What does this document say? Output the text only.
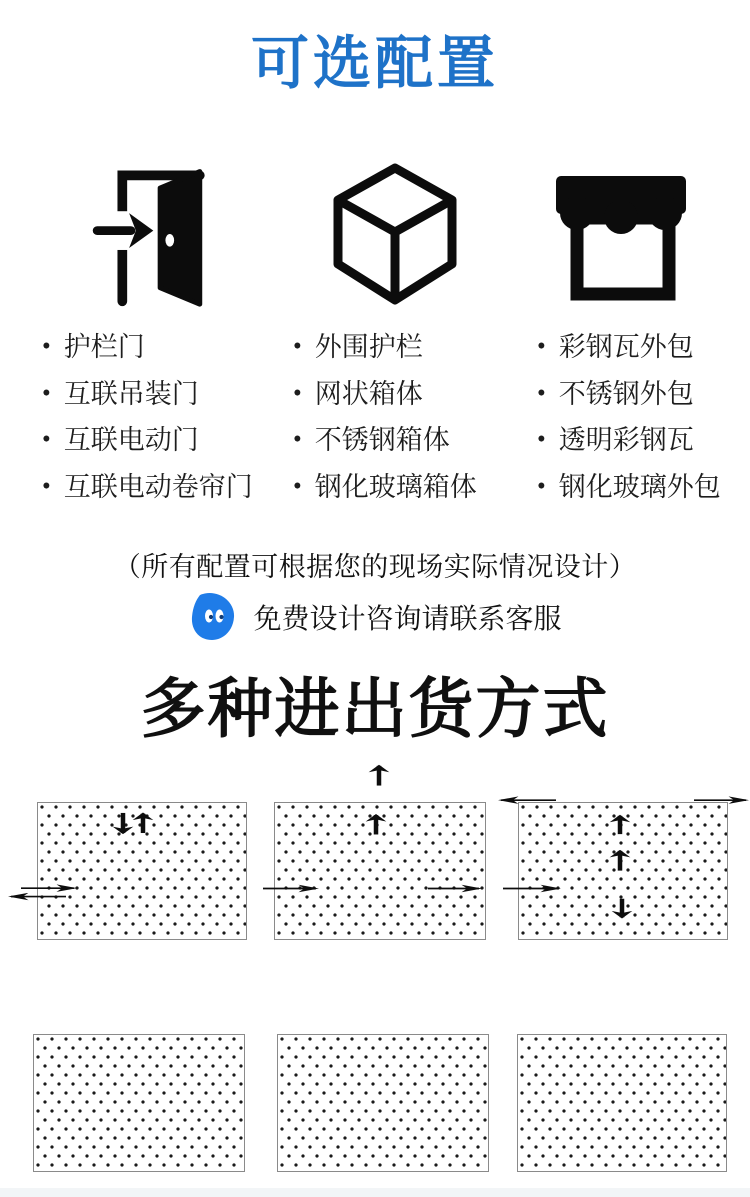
可选配置
• 护栏门
• 互联吊装门
• 互联电动门
• 互联电动卷帘门
• 外围护栏
• 网状箱体
• 不锈钢箱体
• 钢化玻璃箱体
• 彩钢瓦外包
• 不锈钢外包
• 透明彩钢瓦
• 钢化玻璃外包
（所有配置可根据您的现场实际情况设计）
免费设计咨询请联系客服
多种进出货方式
